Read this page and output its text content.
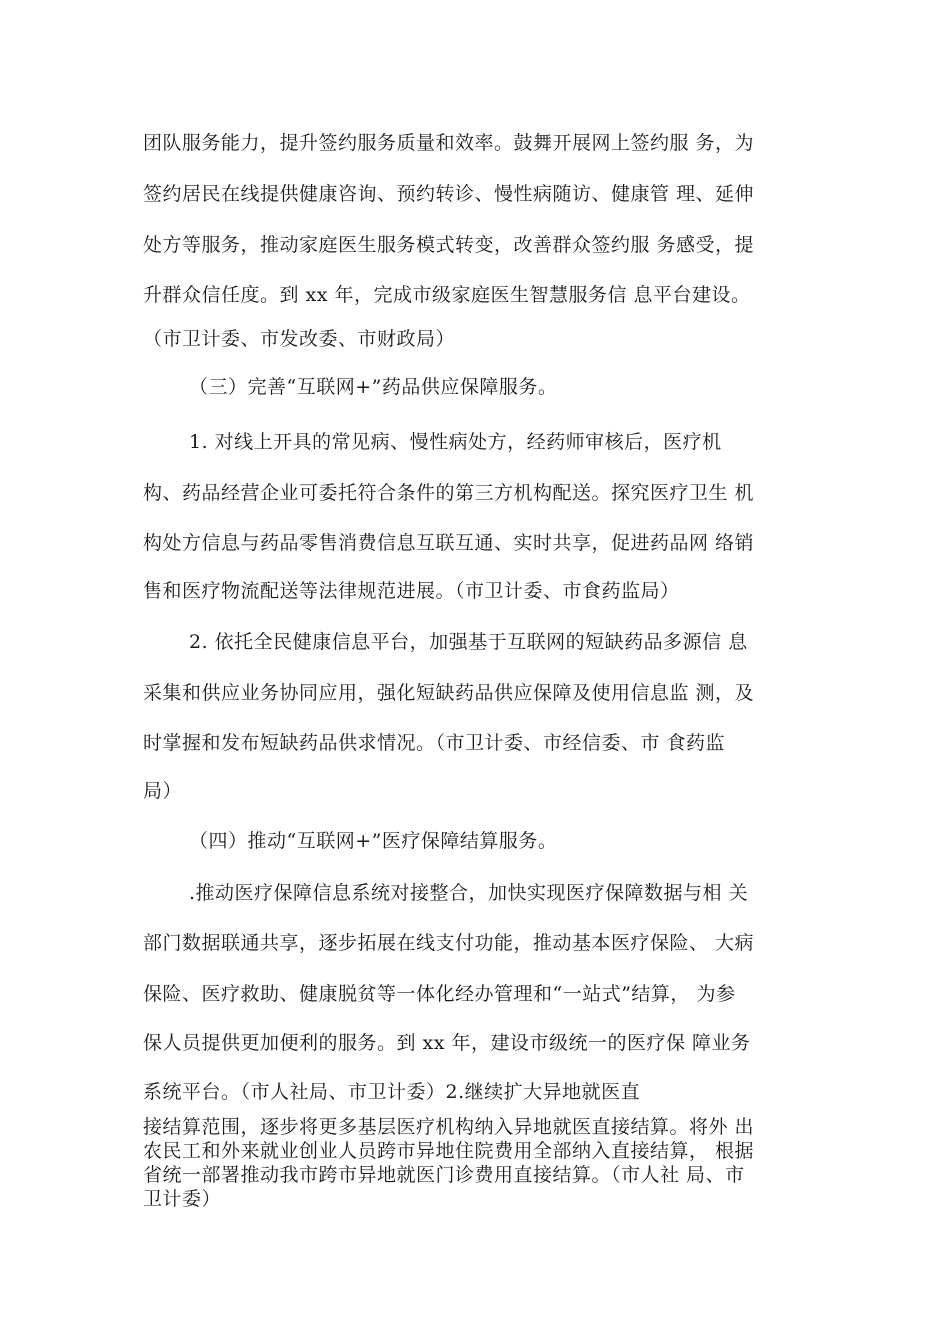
团队服务能力，提升签约服务质量和效率。鼓舞开展网上签约服 务，为
签约居民在线提供健康咨询、预约转诊、慢性病随访、健康管 理、延伸
处方等服务，推动家庭医生服务模式转变，改善群众签约服 务感受，提
升群众信任度。到 xx 年，完成市级家庭医生智慧服务信 息平台建设。
（市卫计委、市发改委、市财政局）
（三）完善“互联网+”药品供应保障服务。
1. 对线上开具的常见病、慢性病处方，经药师审核后，医疗机
构、药品经营企业可委托符合条件的第三方机构配送。探究医疗卫生 机
构处方信息与药品零售消费信息互联互通、实时共享，促进药品网 络销
售和医疗物流配送等法律规范进展。（市卫计委、市食药监局）
2. 依托全民健康信息平台，加强基于互联网的短缺药品多源信 息
采集和供应业务协同应用，强化短缺药品供应保障及使用信息监 测，及
时掌握和发布短缺药品供求情况。（市卫计委、市经信委、市 食药监
局）
（四）推动“互联网+”医疗保障结算服务。
.推动医疗保障信息系统对接整合，加快实现医疗保障数据与相 关
部门数据联通共享，逐步拓展在线支付功能，推动基本医疗保险、 大病
保险、医疗救助、健康脱贫等一体化经办管理和“一站式”结算， 为参
保人员提供更加便利的服务。到 xx 年，建设市级统一的医疗保 障业务
系统平台。（市人社局、市卫计委）2.继续扩大异地就医直
接结算范围，逐步将更多基层医疗机构纳入异地就医直接结算。将外 出
农民工和外来就业创业人员跨市异地住院费用全部纳入直接结算， 根据
省统一部署推动我市跨市异地就医门诊费用直接结算。（市人社 局、市
卫计委）
